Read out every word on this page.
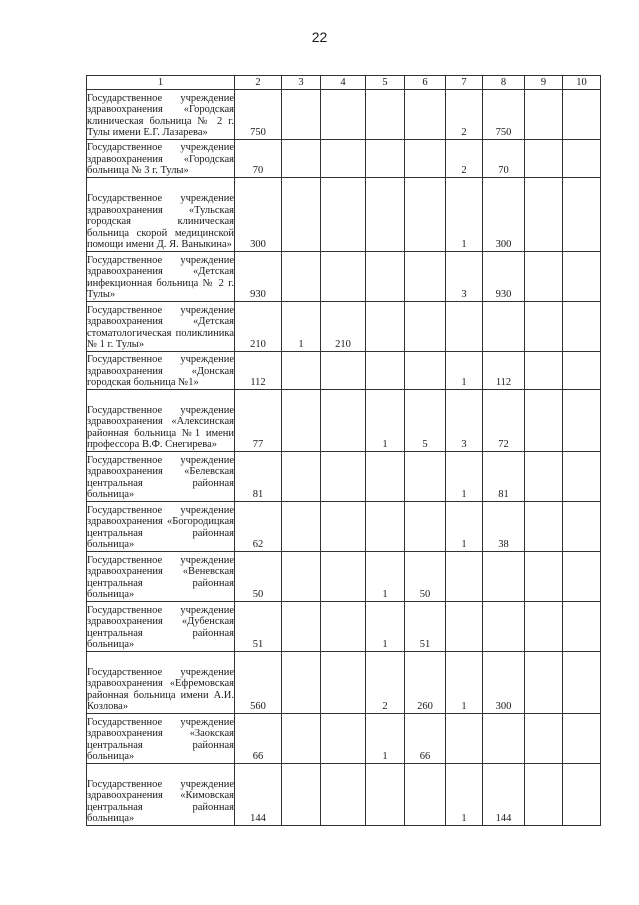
22
1	2	3	4	5	6	7	8	9	10

Государственное учреждение здравоохранения «Городская клиническая больница № 2 г. Тулы имени Е.Г. Лазарева»	750					2	750		

Государственное учреждение здравоохранения «Городская больница № 3 г. Тулы»	70					2	70		

Государственное учреждение здравоохранения «Тульская городская клиническая больница скорой медицинской помощи имени Д. Я. Ваныкина»	300					1	300		

Государственное учреждение здравоохранения «Детская инфекционная больница № 2 г. Тулы»	930					3	930		

Государственное учреждение здравоохранения «Детская стоматологическая поликлиника № 1 г. Тулы»	210	1	210						

Государственное учреждение здравоохранения «Донская городская больница №1»	112					1	112		

Государственное учреждение здравоохранения «Алексинская районная больница №1 имени профессора В.Ф. Снегирева»	77			1	5	3	72		

Государственное учреждение здравоохранения «Белевская центральная районная больница»	81					1	81		

Государственное учреждение здравоохранения «Богородицкая центральная районная больница»	62					1	38		

Государственное учреждение здравоохранения «Веневская центральная районная больница»	50			1	50				

Государственное учреждение здравоохранения «Дубенская центральная районная больница»	51			1	51				

Государственное учреждение здравоохранения «Ефремовская районная больница имени А.И. Козлова»	560			2	260	1	300		

Государственное учреждение здравоохранения «Заокская центральная районная больница»	66			1	66				

Государственное учреждение здравоохранения «Кимовская центральная районная больница»	144					1	144		
